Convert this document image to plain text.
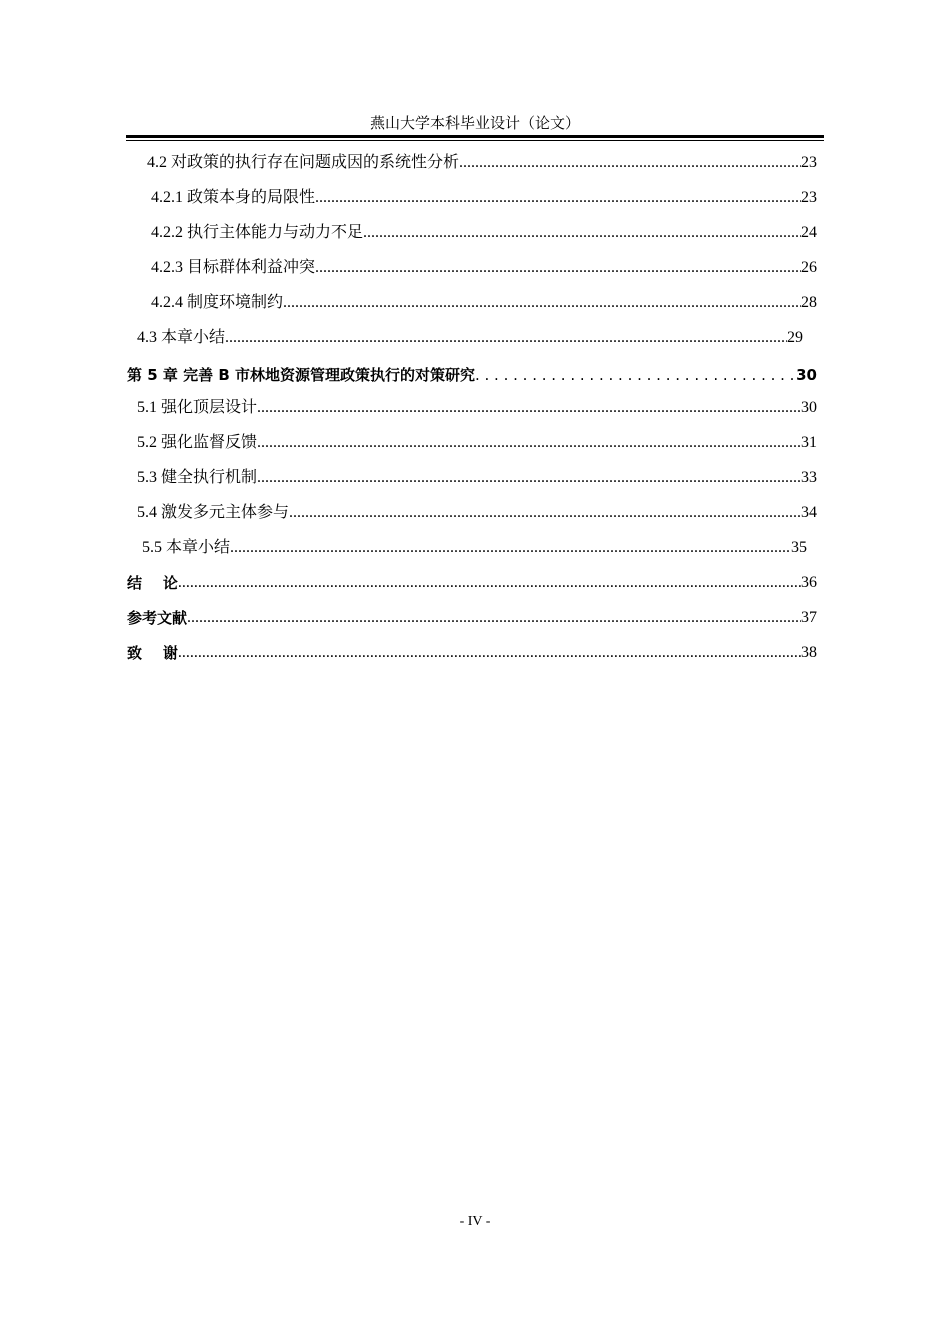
燕山大学本科毕业设计（论文）
4.2 对政策的执行存在问题成因的系统性分析 .....	23
4.2.1 政策本身的局限性 .....	23
4.2.2 执行主体能力与动力不足 .....	24
4.2.3 目标群体利益冲突 .....	26
4.2.4 制度环境制约 .....	28
4.3 本章小结 .....	29
第 5 章 完善 B 市林地资源管理政策执行的对策研究 . . .	30
5.1 强化顶层设计 .....	30
5.2 强化监督反馈 .....	31
5.3 健全执行机制 .....	33
5.4 激发多元主体参与 .....	34
5.5 本章小结 .....	35
结    论 .....	36
参考文献 .....	37
致    谢 .....	38
- IV -
